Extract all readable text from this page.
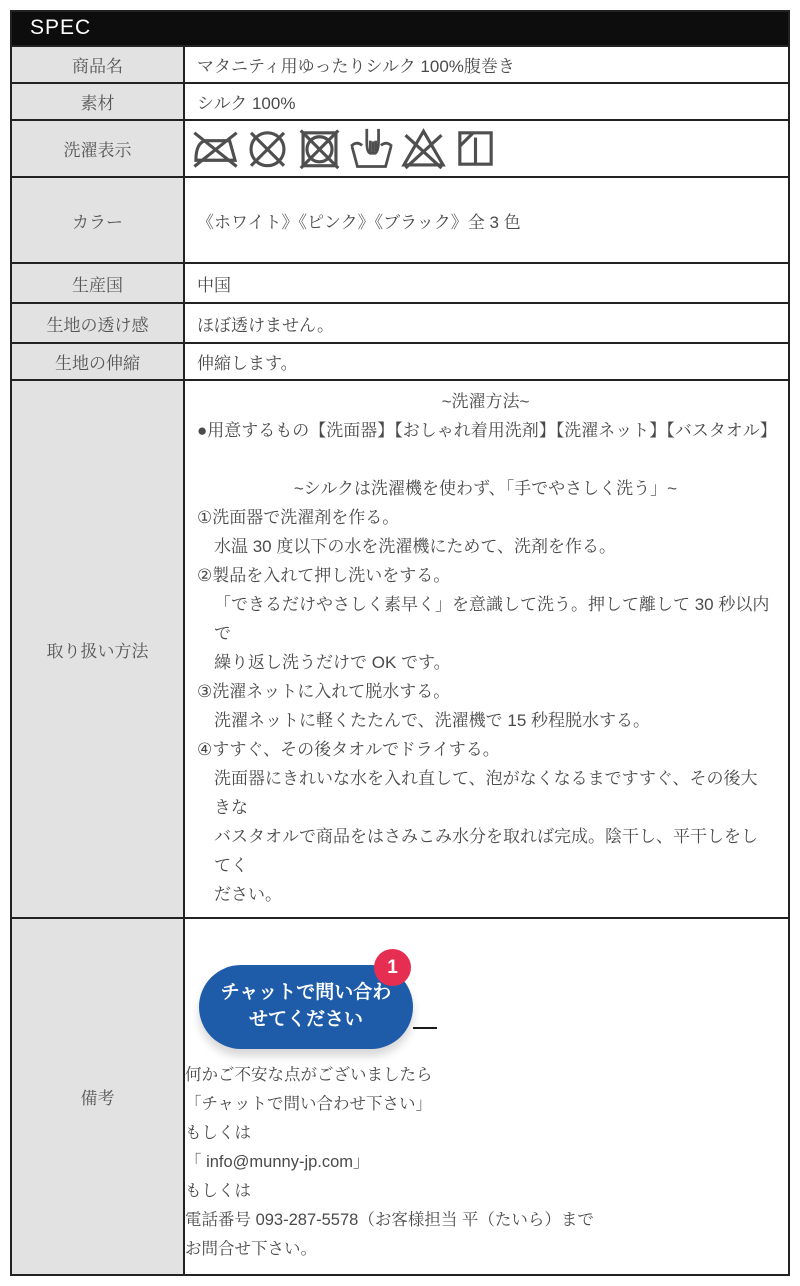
SPEC
商品名	マタニティ用ゆったりシルク 100%腹巻き
素材	シルク 100%
洗濯表示
カラー	《ホワイト》《ピンク》《ブラック》全 3 色
生産国	中国
生地の透け感	ほぼ透けません。
生地の伸縮	伸縮します。
取り扱い方法
~洗濯方法~
●用意するもの【洗面器】【おしゃれ着用洗剤】【洗濯ネット】【バスタオル】
~シルクは洗濯機を使わず、「手でやさしく洗う」~
①洗面器で洗濯剤を作る。
水温 30 度以下の水を洗濯機にためて、洗剤を作る。
②製品を入れて押し洗いをする。
「できるだけやさしく素早く」を意識して洗う。押して離して 30 秒以内で
繰り返し洗うだけで OK です。
③洗濯ネットに入れて脱水する。
洗濯ネットに軽くたたんで、洗濯機で 15 秒程脱水する。
④すすぐ、その後タオルでドライする。
洗面器にきれいな水を入れ直して、泡がなくなるまですすぐ、その後大きな
バスタオルで商品をはさみこみ水分を取れば完成。陰干し、平干しをしてく
ださい。
備考
チャットで問い合わ
せてください
1
何かご不安な点がございましたら
「チャットで問い合わせ下さい」
もしくは
「 info@munny-jp.com」
もしくは
電話番号 093-287-5578（お客様担当 平（たいら）まで
お問合せ下さい。
